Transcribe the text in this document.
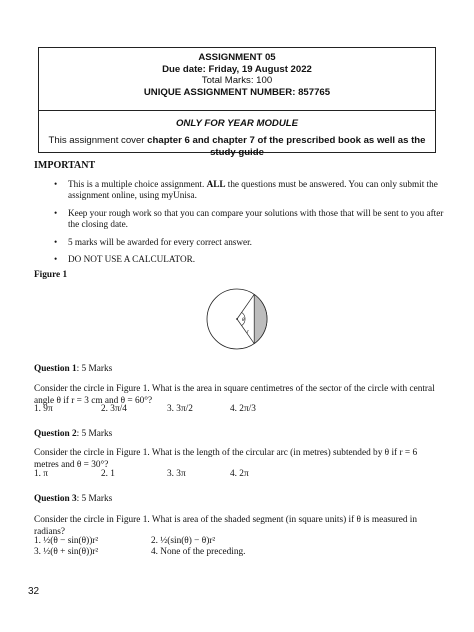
ASSIGNMENT 05
Due date: Friday, 19 August 2022
Total Marks: 100
UNIQUE ASSIGNMENT NUMBER: 857765
ONLY FOR YEAR MODULE
This assignment cover chapter 6 and chapter 7 of the prescribed book as well as the study guide
IMPORTANT
• This is a multiple choice assignment. ALL the questions must be answered. You can only submit the assignment online, using myUnisa.
• Keep your rough work so that you can compare your solutions with those that will be sent to you after the closing date.
• 5 marks will be awarded for every correct answer.
• DO NOT USE A CALCULATOR.
Figure 1
θ
r
Question 1: 5 Marks
Consider the circle in Figure 1. What is the area in square centimetres of the sector of the circle with central angle θ if r = 3 cm and θ = 60°?
1. 9π	2. 3π/4	3. 3π/2	4. 2π/3
Question 2: 5 Marks
Consider the circle in Figure 1. What is the length of the circular arc (in metres) subtended by θ if r = 6 metres and θ = 30°?
1. π	2. 1	3. 3π	4. 2π
Question 3: 5 Marks
Consider the circle in Figure 1. What is area of the shaded segment (in square units) if θ is measured in radians?
1. ½(θ − sin(θ))r²	2. ½(sin(θ) − θ)r²
3. ½(θ + sin(θ))r²	4. None of the preceding.
32
